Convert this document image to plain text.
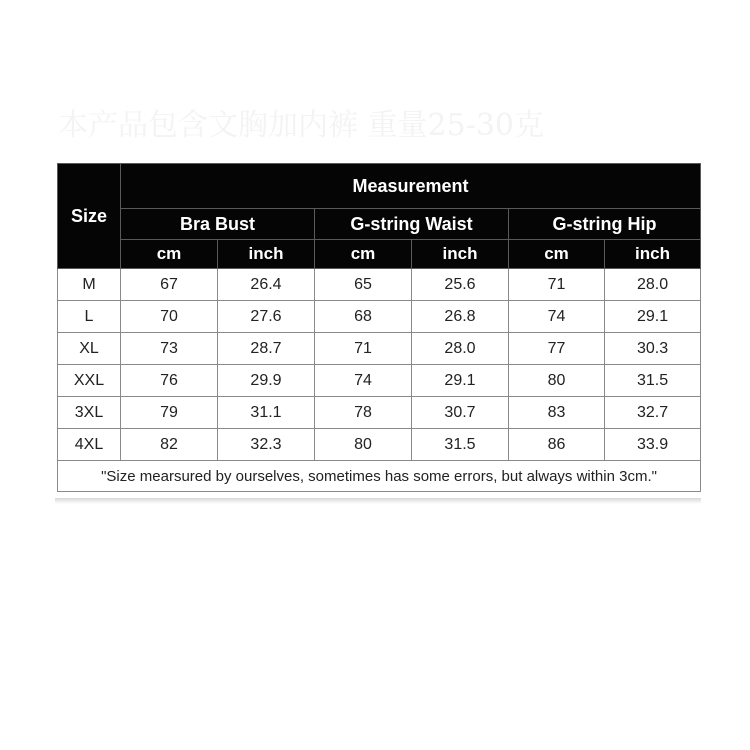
本产品包含文胸加内裤 重量25-30克
Size	Measurement					
	Bra Bust		G-string Waist		G-string Hip	
	cm	inch	cm	inch	cm	inch
M	67	26.4	65	25.6	71	28.0
L	70	27.6	68	26.8	74	29.1
XL	73	28.7	71	28.0	77	30.3
XXL	76	29.9	74	29.1	80	31.5
3XL	79	31.1	78	30.7	83	32.7
4XL	82	32.3	80	31.5	86	33.9
"Size mearsured by ourselves, sometimes has some errors, but always within 3cm."						
